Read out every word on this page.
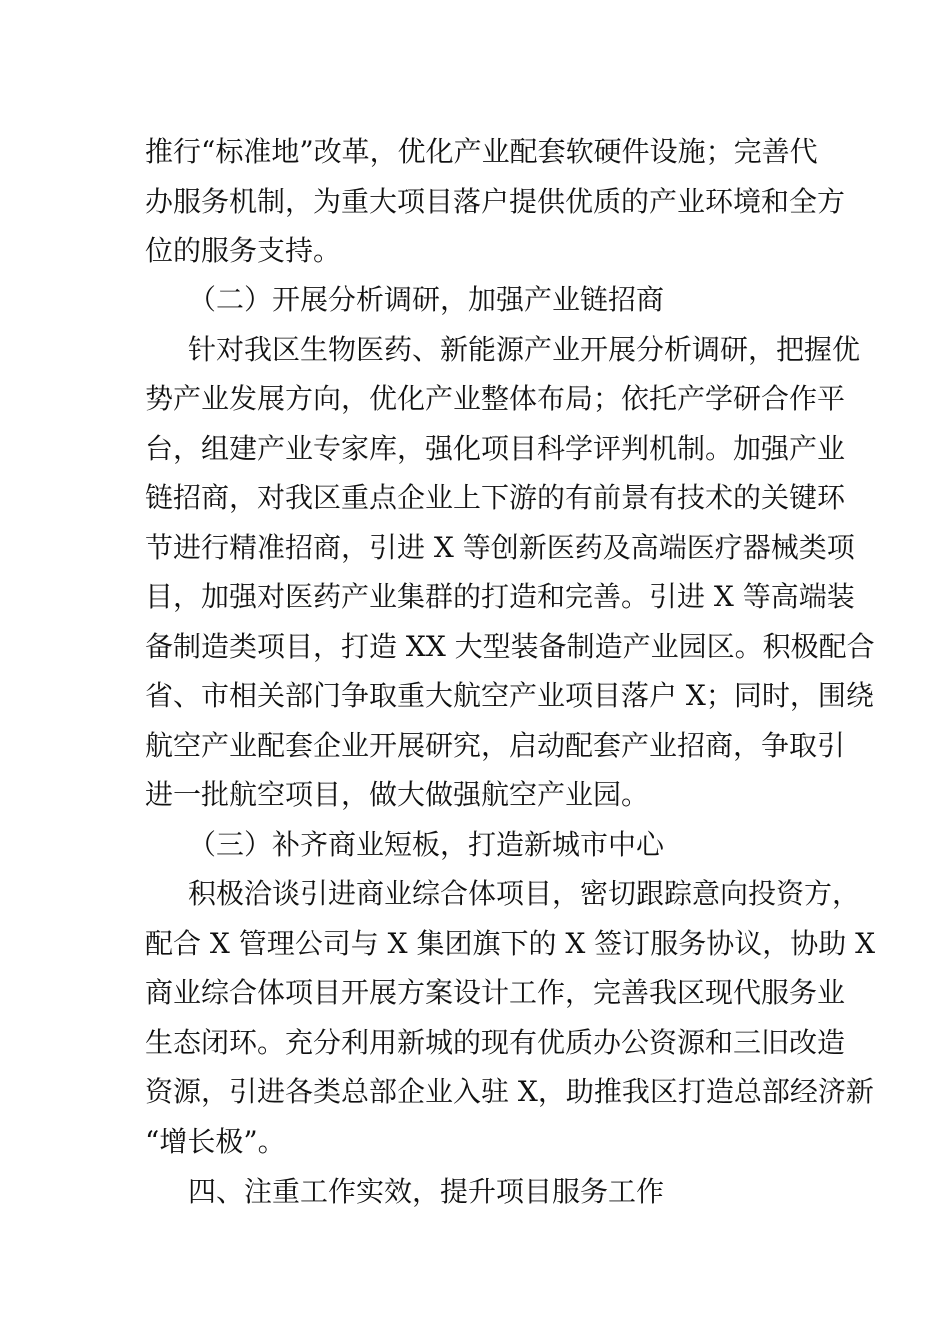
推行“标准地”改革，优化产业配套软硬件设施；完善代
办服务机制，为重大项目落户提供优质的产业环境和全方
位的服务支持。
（二）开展分析调研，加强产业链招商
针对我区生物医药、新能源产业开展分析调研，把握优
势产业发展方向，优化产业整体布局；依托产学研合作平
台，组建产业专家库，强化项目科学评判机制。加强产业
链招商，对我区重点企业上下游的有前景有技术的关键环
节进行精准招商，引进 X 等创新医药及高端医疗器械类项
目，加强对医药产业集群的打造和完善。引进 X 等高端装
备制造类项目，打造 XX 大型装备制造产业园区。积极配合
省、市相关部门争取重大航空产业项目落户 X；同时，围绕
航空产业配套企业开展研究，启动配套产业招商，争取引
进一批航空项目，做大做强航空产业园。
（三）补齐商业短板，打造新城市中心
积极洽谈引进商业综合体项目，密切跟踪意向投资方，
配合 X 管理公司与 X 集团旗下的 X 签订服务协议，协助 X
商业综合体项目开展方案设计工作，完善我区现代服务业
生态闭环。充分利用新城的现有优质办公资源和三旧改造
资源，引进各类总部企业入驻 X，助推我区打造总部经济新
“增长极”。
四、注重工作实效，提升项目服务工作
